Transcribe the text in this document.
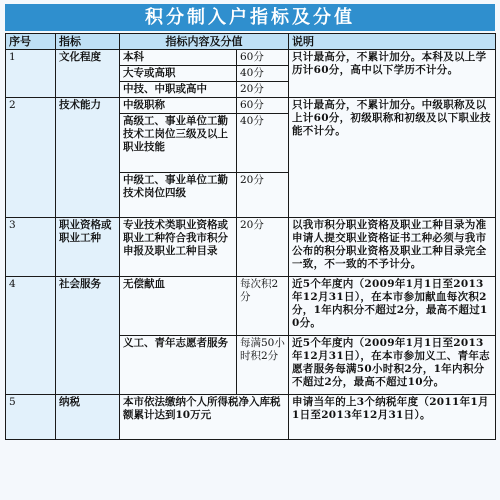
积分制入户指标及分值
序号	指标	指标内容及分值		说明
1	文化程度	本科	60分	只计最高分，不累计加分。本科及以上学历计60分，高中以下学历不计分。
		大专或高职	40分	
		中技、中职或高中	20分	
2	技术能力	中级职称	60分	只计最高分，不累计加分。中级职称及以上计60分，初级职称和初级及以下职业技能不计分。
		高级工、事业单位工勤技术工岗位三级及以上职业技能	40分	
		中级工、事业单位工勤技术岗位四级	20分	
3	职业资格或职业工种	专业技术类职业资格或职业工种符合我市积分申报及职业工种目录	20分	以我市积分职业资格及职业工种目录为准申请人提交职业资格证书工种必须与我市公布的积分职业资格及职业工种目录完全一致，不一致的不予计分。
4	社会服务	无偿献血	每次积2分	近5个年度内（2009年1月1日至2013年12月31日），在本市参加献血每次积2分，1年内积分不超过2分，最高不超过10分。
		义工、青年志愿者服务	每满50小时积2分	近5个年度内（2009年1月1日至2013年12月31日），在本市参加义工、青年志愿者服务每满50小时积2分，1年内积分不超过2分，最高不超过10分。
5	纳税	本市依法缴纳个人所得税净入库税额累计达到10万元		申请当年的上3个纳税年度（2011年1月1日至2013年12月31日）。
